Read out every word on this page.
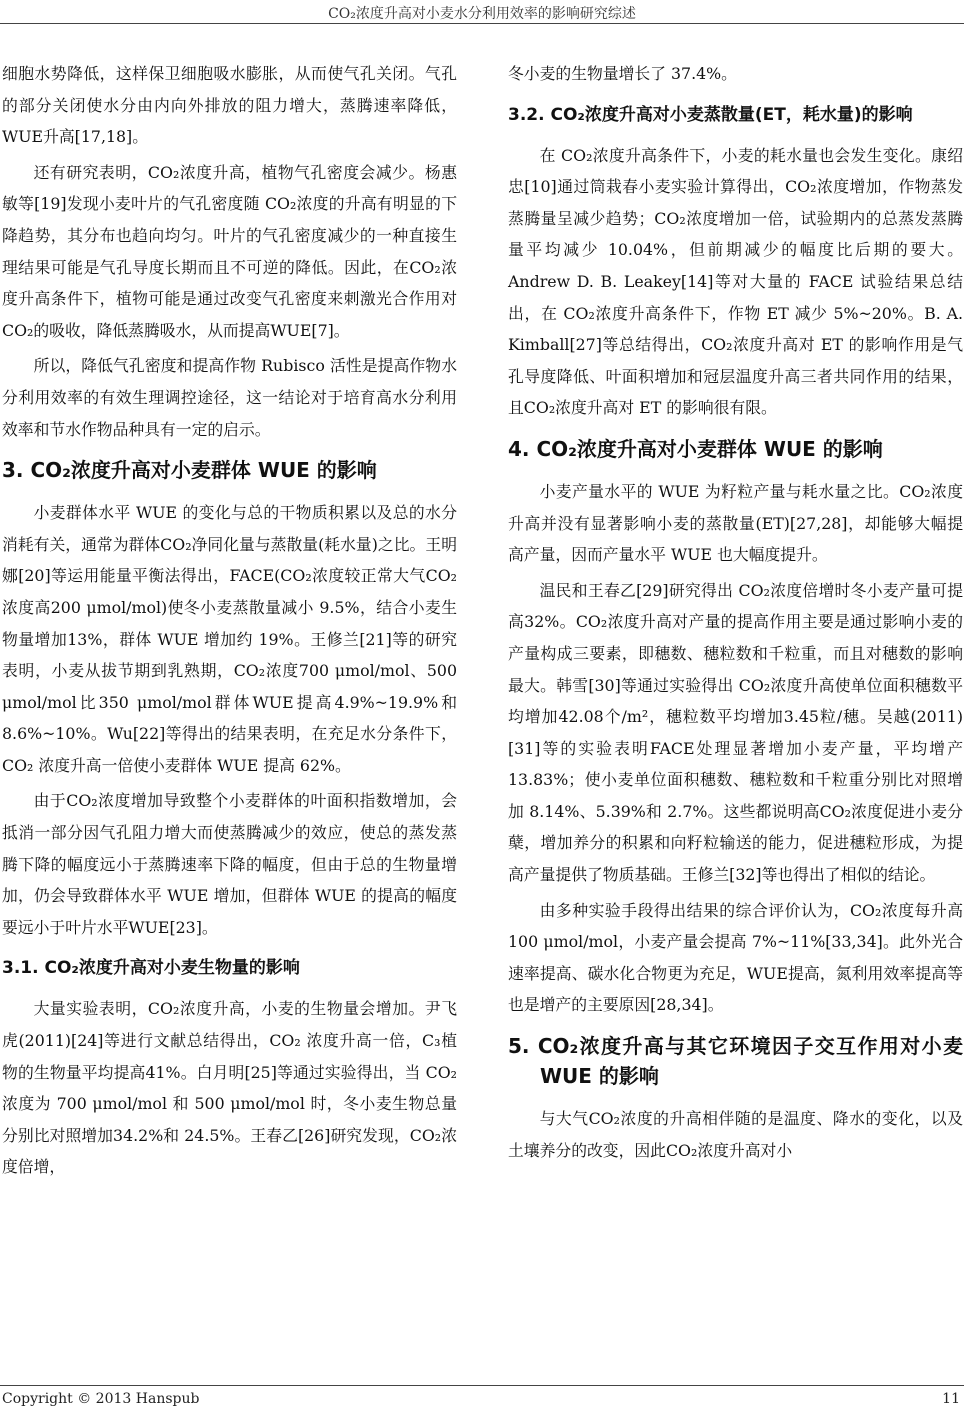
CO₂浓度升高对小麦水分利用效率的影响研究综述

细胞水势降低，这样保卫细胞吸水膨胀，从而使气孔关闭。气孔的部分关闭使水分由内向外排放的阻力增大，蒸腾速率降低，WUE升高[17,18]。

还有研究表明，CO₂浓度升高，植物气孔密度会减少。杨惠敏等[19]发现小麦叶片的气孔密度随 CO₂浓度的升高有明显的下降趋势，其分布也趋向均匀。叶片的气孔密度减少的一种直接生理结果可能是气孔导度长期而且不可逆的降低。因此，在CO₂浓度升高条件下，植物可能是通过改变气孔密度来刺激光合作用对CO₂的吸收，降低蒸腾吸水，从而提高WUE[7]。

所以，降低气孔密度和提高作物 Rubisco 活性是提高作物水分利用效率的有效生理调控途径，这一结论对于培育高水分利用效率和节水作物品种具有一定的启示。

3. CO₂浓度升高对小麦群体 WUE 的影响

小麦群体水平 WUE 的变化与总的干物质积累以及总的水分消耗有关，通常为群体CO₂净同化量与蒸散量(耗水量)之比。王明娜[20]等运用能量平衡法得出，FACE(CO₂浓度较正常大气CO₂浓度高200 μmol/mol)使冬小麦蒸散量减小 9.5%，结合小麦生物量增加13%，群体 WUE 增加约 19%。王修兰[21]等的研究表明，小麦从拔节期到乳熟期，CO₂浓度700 μmol/mol、500 μmol/mol比350 μmol/mol群体WUE提高4.9%~19.9%和 8.6%~10%。Wu[22]等得出的结果表明，在充足水分条件下，CO₂ 浓度升高一倍使小麦群体 WUE 提高 62%。

由于CO₂浓度增加导致整个小麦群体的叶面积指数增加，会抵消一部分因气孔阻力增大而使蒸腾减少的效应，使总的蒸发蒸腾下降的幅度远小于蒸腾速率下降的幅度，但由于总的生物量增加，仍会导致群体水平 WUE 增加，但群体 WUE 的提高的幅度要远小于叶片水平WUE[23]。

3.1. CO₂浓度升高对小麦生物量的影响

大量实验表明，CO₂浓度升高，小麦的生物量会增加。尹飞虎(2011)[24]等进行文献总结得出，CO₂ 浓度升高一倍，C₃植物的生物量平均提高41%。白月明[25]等通过实验得出，当 CO₂浓度为 700 μmol/mol 和 500 μmol/mol 时，冬小麦生物总量分别比对照增加34.2%和 24.5%。王春乙[26]研究发现，CO₂浓度倍增，

冬小麦的生物量增长了 37.4%。

3.2. CO₂浓度升高对小麦蒸散量(ET，耗水量)的影响

在 CO₂浓度升高条件下，小麦的耗水量也会发生变化。康绍忠[10]通过筒栽春小麦实验计算得出，CO₂浓度增加，作物蒸发蒸腾量呈减少趋势；CO₂浓度增加一倍，试验期内的总蒸发蒸腾量平均减少 10.04%，但前期减少的幅度比后期的要大。Andrew D. B. Leakey[14]等对大量的 FACE 试验结果总结出，在 CO₂浓度升高条件下，作物 ET 减少 5%~20%。B. A. Kimball[27]等总结得出，CO₂浓度升高对 ET 的影响作用是气孔导度降低、叶面积增加和冠层温度升高三者共同作用的结果，且CO₂浓度升高对 ET 的影响很有限。

4. CO₂浓度升高对小麦群体 WUE 的影响

小麦产量水平的 WUE 为籽粒产量与耗水量之比。CO₂浓度升高并没有显著影响小麦的蒸散量(ET)[27,28]，却能够大幅提高产量，因而产量水平 WUE 也大幅度提升。

温民和王春乙[29]研究得出 CO₂浓度倍增时冬小麦产量可提高32%。CO₂浓度升高对产量的提高作用主要是通过影响小麦的产量构成三要素，即穗数、穗粒数和千粒重，而且对穗数的影响最大。韩雪[30]等通过实验得出 CO₂浓度升高使单位面积穗数平均增加42.08个/m²，穗粒数平均增加3.45粒/穗。吴越(2011)[31]等的实验表明FACE处理显著增加小麦产量，平均增产 13.83%；使小麦单位面积穗数、穗粒数和千粒重分别比对照增加 8.14%、5.39%和 2.7%。这些都说明高CO₂浓度促进小麦分蘖，增加养分的积累和向籽粒输送的能力，促进穗粒形成，为提高产量提供了物质基础。王修兰[32]等也得出了相似的结论。

由多种实验手段得出结果的综合评价认为，CO₂浓度每升高 100 μmol/mol，小麦产量会提高 7%~11%[33,34]。此外光合速率提高、碳水化合物更为充足，WUE提高，氮利用效率提高等也是增产的主要原因[28,34]。

5. CO₂浓度升高与其它环境因子交互作用对小麦 WUE 的影响

与大气CO₂浓度的升高相伴随的是温度、降水的变化，以及土壤养分的改变，因此CO₂浓度升高对小

Copyright © 2013 Hanspub	11
